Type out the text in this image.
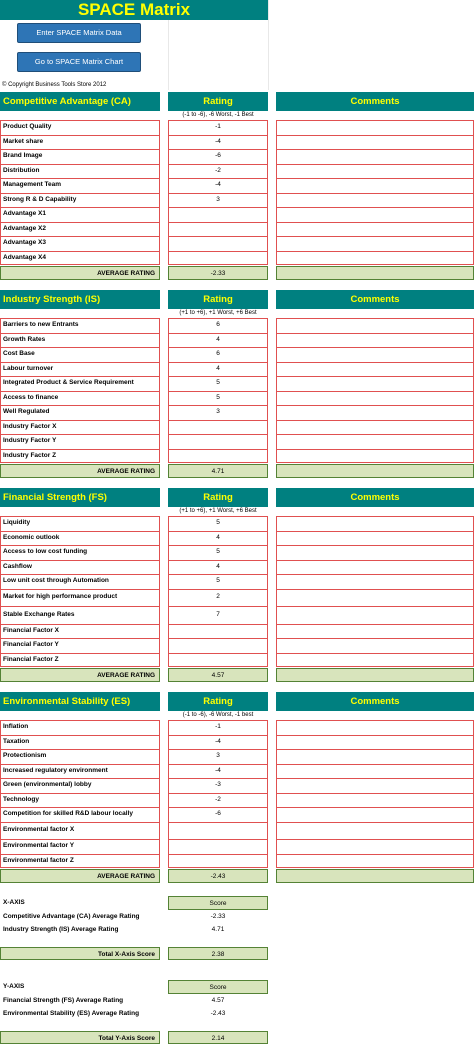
SPACE Matrix
Enter SPACE Matrix Data
Go to SPACE Matrix Chart
© Copyright Business Tools Store 2012
Competitive Advantage (CA)	Rating	Comments
(-1 to -6), -6 Worst, -1 Best
Product Quality	-1
Market share	-4
Brand Image	-6
Distribution	-2
Management Team	-4
Strong R & D Capability	3
Advantage X1
Advantage X2
Advantage X3
Advantage X4
AVERAGE RATING	-2.33
Industry Strength (IS)	Rating	Comments
(+1 to +6), +1 Worst, +6 Best
Barriers to new Entrants	6
Growth Rates	4
Cost Base	6
Labour turnover	4
Integrated Product & Service Requirement	5
Access to finance	5
Well Regulated	3
Industry Factor X
Industry Factor Y
Industry Factor Z
AVERAGE RATING	4.71
Financial Strength (FS)	Rating	Comments
(+1 to +6), +1 Worst, +6 Best
Liquidity	5
Economic outlook	4
Access to low cost funding	5
Cashflow	4
Low unit cost through Automation	5
Market for high performance product	2
Stable Exchange Rates	7
Financial Factor X
Financial Factor Y
Financial Factor Z
AVERAGE RATING	4.57
Environmental Stability (ES)	Rating	Comments
(-1 to -6), -6 Worst, -1 best
Inflation	-1
Taxation	-4
Protectionism	3
Increased regulatory environment	-4
Green (environmental) lobby	-3
Technology	-2
Competition for skilled R&D labour locally	-6
Environmental factor X
Environmental factor Y
Environmental factor Z
AVERAGE RATING	-2.43
X-AXIS	Score
Competitive Advantage (CA) Average Rating	-2.33
Industry Strength (IS) Average Rating	4.71
Total X-Axis Score	2.38
Y-AXIS	Score
Financial Strength (FS) Average Rating	4.57
Environmental Stability (ES) Average Rating	-2.43
Total Y-Axis Score	2.14
